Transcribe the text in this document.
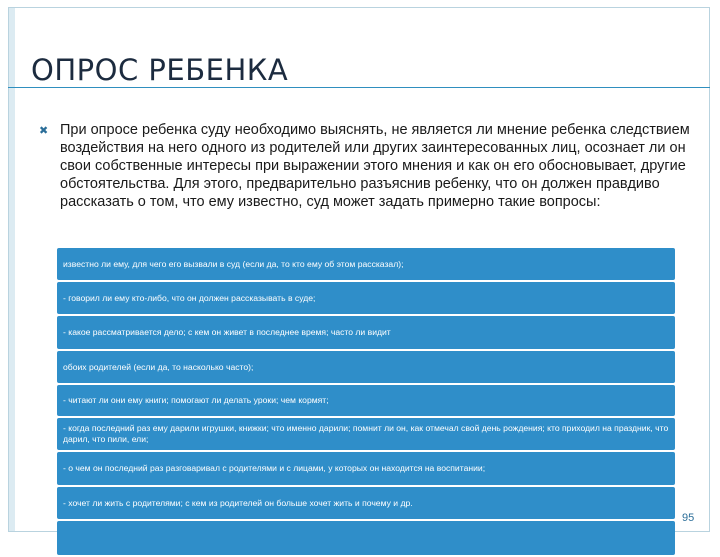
ОПРОС РЕБЕНКА
✖ При опросе ребенка суду необходимо выяснять, не является ли мнение ребенка следствием воздействия на него одного из родителей или других заинтересованных лиц, осознает ли он свои собственные интересы при выражении этого мнения и как он его обосновывает, другие обстоятельства. Для этого, предварительно разъяснив ребенку, что он должен правдиво рассказать о том, что ему известно, суд может задать примерно такие вопросы:

известно ли ему, для чего его вызвали в суд (если да, то кто ему об этом рассказал);
- говорил ли ему кто-либо, что он должен рассказывать в суде;
- какое рассматривается дело; с кем он живет в последнее время; часто ли видит
обоих родителей (если да, то насколько часто);
- читают ли они ему книги; помогают ли делать уроки; чем кормят;
- когда последний раз ему дарили игрушки, книжки; что именно дарили; помнит ли он, как отмечал свой день рождения; кто приходил на праздник, что дарил, что пили, ели;
- о чем он последний раз разговаривал с родителями и с лицами, у которых он находится на воспитании;
- хочет ли жить с родителями; с кем из родителей он больше хочет жить и почему и др.
95
